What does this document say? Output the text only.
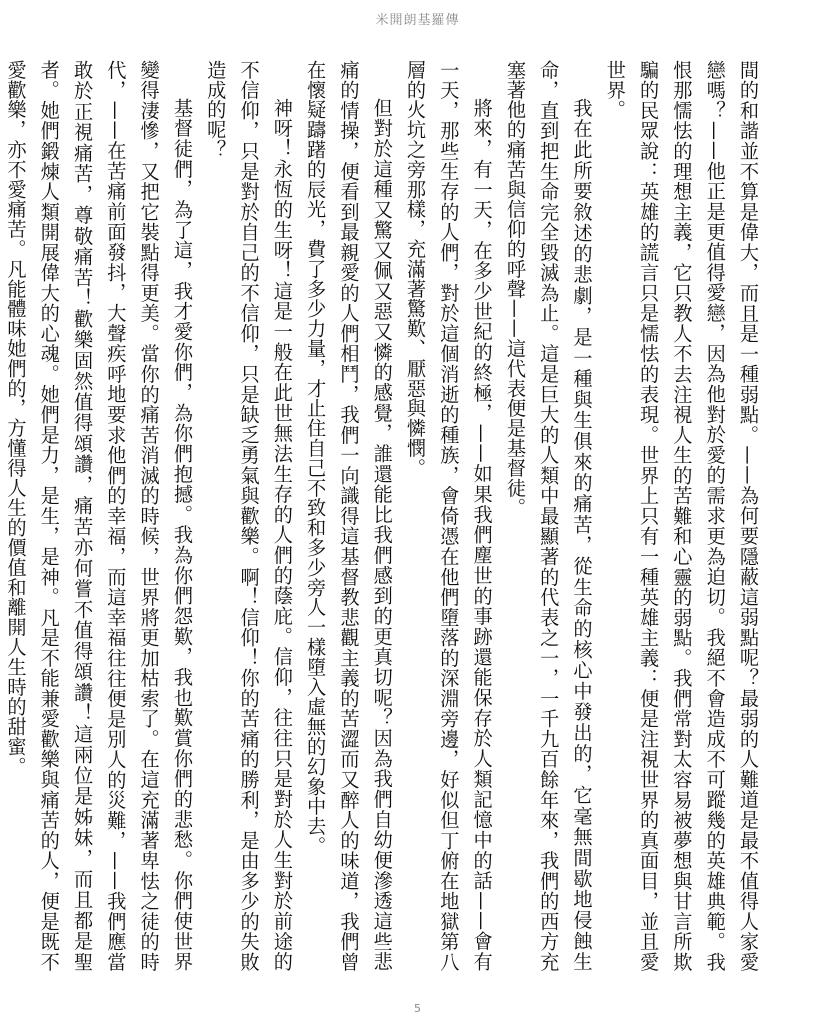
米開朗基羅傳

間的和諧並不算是偉大，而且是一種弱點。——為何要隱蔽這弱點呢？最弱的人難道是最不值得人家愛戀嗎？——他正是更值得愛戀，因為他對於愛的需求更為迫切。我絕不會造成不可蹤幾的英雄典範。我恨那懦怯的理想主義，它只教人不去注視人生的苦難和心靈的弱點。我們常對太容易被夢想與甘言所欺騙的民眾說：英雄的謊言只是懦怯的表現。世界上只有一種英雄主義：便是注視世界的真面目，並且愛世界。

我在此所要敘述的悲劇，是一種與生俱來的痛苦，從生命的核心中發出的，它毫無間歇地侵蝕生命，直到把生命完全毀滅為止。這是巨大的人類中最顯著的代表之一，一千九百餘年來，我們的西方充塞著他的痛苦與信仰的呼聲——這代表便是基督徒。

將來，有一天，在多少世紀的終極，——如果我們塵世的事跡還能保存於人類記憶中的話——會有一天，那些生存的人們，對於這個消逝的種族，會倚憑在他們墮落的深淵旁邊，好似但丁俯在地獄第八層的火坑之旁那樣，充滿著驚歎、厭惡與憐憫。

但對於這種又驚又佩又惡又憐的感覺，誰還能比我們感到的更真切呢？因為我們自幼便滲透這些悲痛的情操，便看到最親愛的人們相鬥，我們一向識得這基督教悲觀主義的苦澀而又醉人的味道，我們曾在懷疑躊躇的辰光，費了多少力量，才止住自己不致和多少旁人一樣墮入虛無的幻象中去。

神呀！永恆的生呀！這是一般在此世無法生存的人們的蔭庇。信仰，往往只是對於人生對於前途的不信仰，只是對於自己的不信仰，只是缺乏勇氣與歡樂。啊！信仰！你的苦痛的勝利，是由多少的失敗造成的呢？

基督徒們，為了這，我才愛你們，為你們抱撼。我為你們怨歎，我也歎賞你們的悲愁。你們使世界變得淒慘，又把它裝點得更美。當你的痛苦消滅的時候，世界將更加枯索了。在這充滿著卑怯之徒的時代，——在苦痛前面發抖，大聲疾呼地要求他們的幸福，而這幸福往往便是別人的災難，——我們應當敢於正視痛苦，尊敬痛苦！歡樂固然值得頌讚，痛苦亦何嘗不值得頌讚！這兩位是姊妹，而且都是聖者。她們鍛煉人類開展偉大的心魂。她們是力，是生，是神。凡是不能兼愛歡樂與痛苦的人，便是既不愛歡樂，亦不愛痛苦。凡能體味她們的，方懂得人生的價值和離開人生時的甜蜜。

5
